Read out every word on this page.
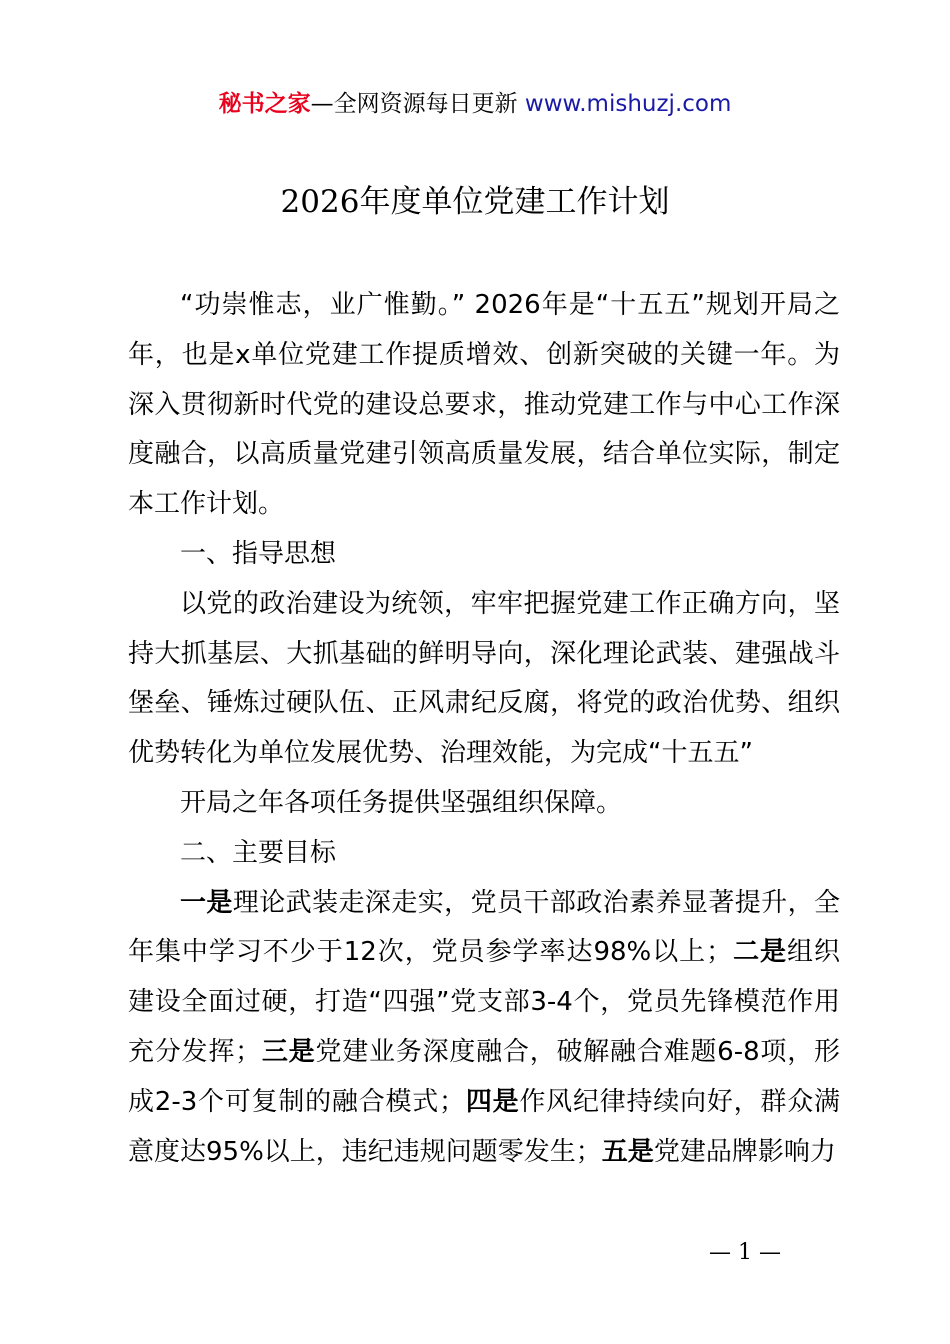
秘书之家—全网资源每日更新 www.mishuzj.com
2026年度单位党建工作计划

“功崇惟志，业广惟勤。” 2026年是“十五五”规划开局之年，也是x单位党建工作提质增效、创新突破的关键一年。为深入贯彻新时代党的建设总要求，推动党建工作与中心工作深度融合，以高质量党建引领高质量发展，结合单位实际，制定本工作计划。

一、指导思想

以党的政治建设为统领，牢牢把握党建工作正确方向，坚持大抓基层、大抓基础的鲜明导向，深化理论武装、建强战斗堡垒、锤炼过硬队伍、正风肃纪反腐，将党的政治优势、组织优势转化为单位发展优势、治理效能，为完成“十五五”

开局之年各项任务提供坚强组织保障。

二、主要目标

一是理论武装走深走实，党员干部政治素养显著提升，全年集中学习不少于12次，党员参学率达98%以上；二是组织建设全面过硬，打造“四强”党支部3-4个，党员先锋模范作用充分发挥；三是党建业务深度融合，破解融合难题6-8项，形成2-3个可复制的融合模式；四是作风纪律持续向好，群众满意度达95%以上，违纪违规问题零发生；五是党建品牌影响力

— 1 —
